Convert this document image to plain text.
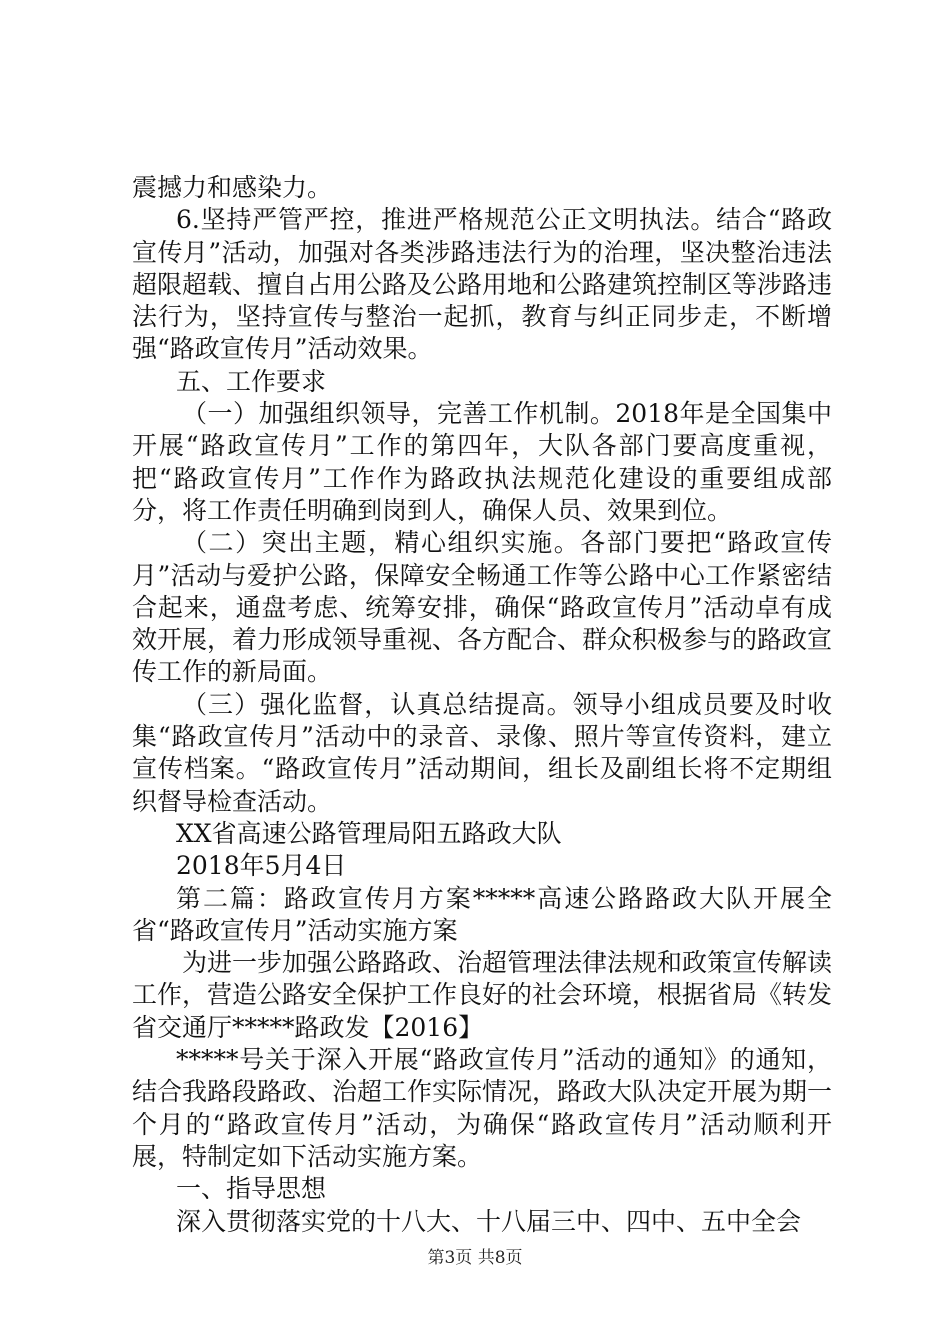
震撼力和感染力。

6.坚持严管严控，推进严格规范公正文明执法。结合“路政宣传月”活动，加强对各类涉路违法行为的治理，坚决整治违法超限超载、擅自占用公路及公路用地和公路建筑控制区等涉路违法行为，坚持宣传与整治一起抓，教育与纠正同步走，不断增强“路政宣传月”活动效果。

五、工作要求

（一）加强组织领导，完善工作机制。2018年是全国集中开展“路政宣传月”工作的第四年，大队各部门要高度重视，把“路政宣传月”工作作为路政执法规范化建设的重要组成部分，将工作责任明确到岗到人，确保人员、效果到位。

（二）突出主题，精心组织实施。各部门要把“路政宣传月”活动与爱护公路，保障安全畅通工作等公路中心工作紧密结合起来，通盘考虑、统筹安排，确保“路政宣传月”活动卓有成效开展，着力形成领导重视、各方配合、群众积极参与的路政宣传工作的新局面。

（三）强化监督，认真总结提高。领导小组成员要及时收集“路政宣传月”活动中的录音、录像、照片等宣传资料，建立宣传档案。“路政宣传月”活动期间，组长及副组长将不定期组织督导检查活动。

XX省高速公路管理局阳五路政大队

2018年5月4日

第二篇：路政宣传月方案*****高速公路路政大队开展全省“路政宣传月”活动实施方案

为进一步加强公路路政、治超管理法律法规和政策宣传解读工作，营造公路安全保护工作良好的社会环境，根据省局《转发省交通厅*****路政发【2016】

*****号关于深入开展“路政宣传月”活动的通知》的通知，结合我路段路政、治超工作实际情况，路政大队决定开展为期一个月的“路政宣传月”活动，为确保“路政宣传月”活动顺利开展，特制定如下活动实施方案。

一、指导思想

深入贯彻落实党的十八大、十八届三中、四中、五中全会

第3页 共8页
